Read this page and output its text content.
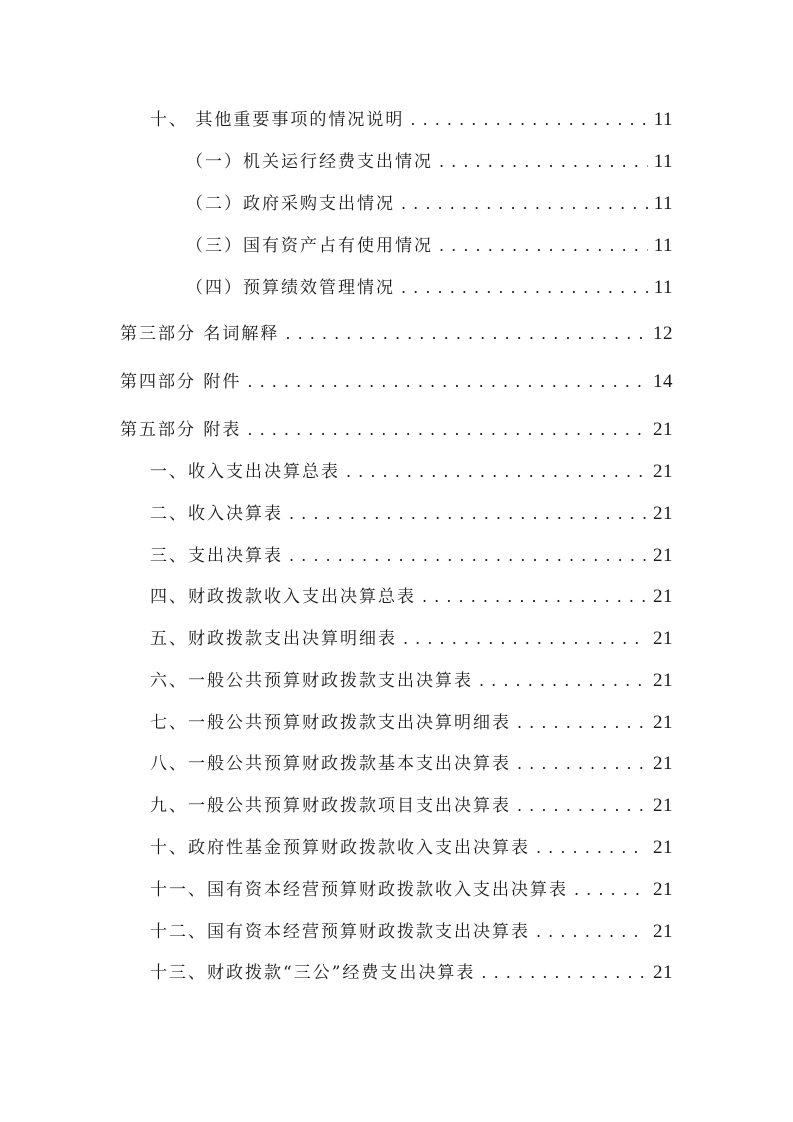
十、 其他重要事项的情况说明 . . .	11
（一）机关运行经费支出情况 . . .	11
（二）政府采购支出情况 . . .	11
（三）国有资产占有使用情况 . . .	11
（四）预算绩效管理情况 . . .	11
第三部分 名词解释 . . .	12
第四部分 附件 . . .	14
第五部分 附表 . . .	21
一、收入支出决算总表 . . .	21
二、收入决算表 . . .	21
三、支出决算表 . . .	21
四、财政拨款收入支出决算总表 . . .	21
五、财政拨款支出决算明细表 . . .	21
六、一般公共预算财政拨款支出决算表 . . .	21
七、一般公共预算财政拨款支出决算明细表 . . .	21
八、一般公共预算财政拨款基本支出决算表 . . .	21
九、一般公共预算财政拨款项目支出决算表 . . .	21
十、政府性基金预算财政拨款收入支出决算表 . . .	21
十一、国有资本经营预算财政拨款收入支出决算表 . . .	21
十二、国有资本经营预算财政拨款支出决算表 . . .	21
十三、财政拨款“三公”经费支出决算表 . . .	21
